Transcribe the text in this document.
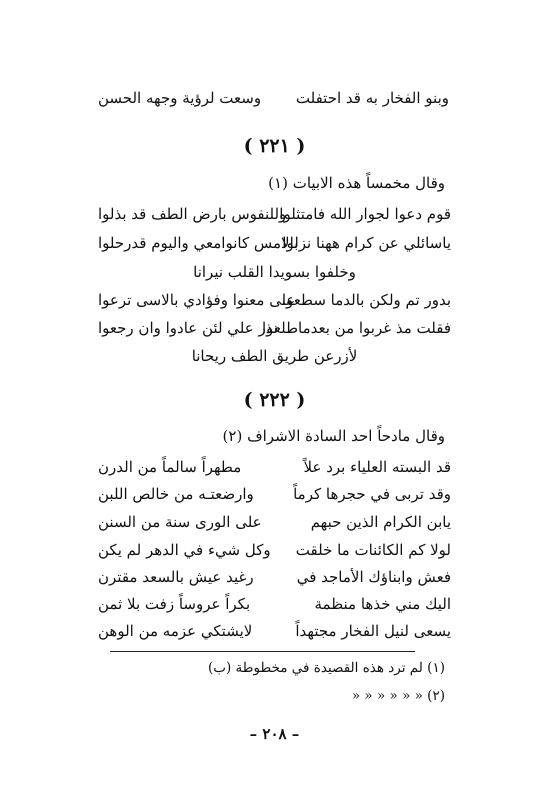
وبنو الفخار به قد احتفلت
وسعت لرؤية وجهه الحسن
( ٢٢١ )
وقال مخمساً هذه الابيات (١)
قوم دعوا لجوار الله فامتثلوا
وللنفوس بارض الطف قد بذلوا
ياسائلي عن كرام ههنا نزلوا
بالامس كانوامعي واليوم قدرحلوا
وخلفوا بسويدا القلب نيرانا
بدور تم ولكن بالدما سطعوا
عنى معنوا وفؤادي بالاسى ترعوا
فقلت مذ غربوا من بعدماطلعوا
نذر علي لئن عادوا وان رجعوا
لأزرعن طريق الطف ريحانا
( ٢٢٢ )
وقال مادحاً احد السادة الاشراف (٢)
قد البسته العلياء برد علاً
مطهراً سالماً من الدرن
وقد تربى في حجرها كرماً
وارضعتـه من خالص اللبن
يابن الكرام الذين حبهم
على الورى سنة من السنن
لولا كم الكائنات ما خلقت
وكل شيء في الدهر لم يكن
فعش وابناؤك الأماجد في
رغيد عيش بالسعد مقترن
اليك مني خذها منظمة
بكراً عروساً زفت بلا ثمن
يسعى لنيل الفخار مجتهداً
لايشتكي عزمه من الوهن
(١) لم ترد هذه القصيدة في مخطوطة (ب)
(٢) « « « « « «
– ٢٠٨ –
